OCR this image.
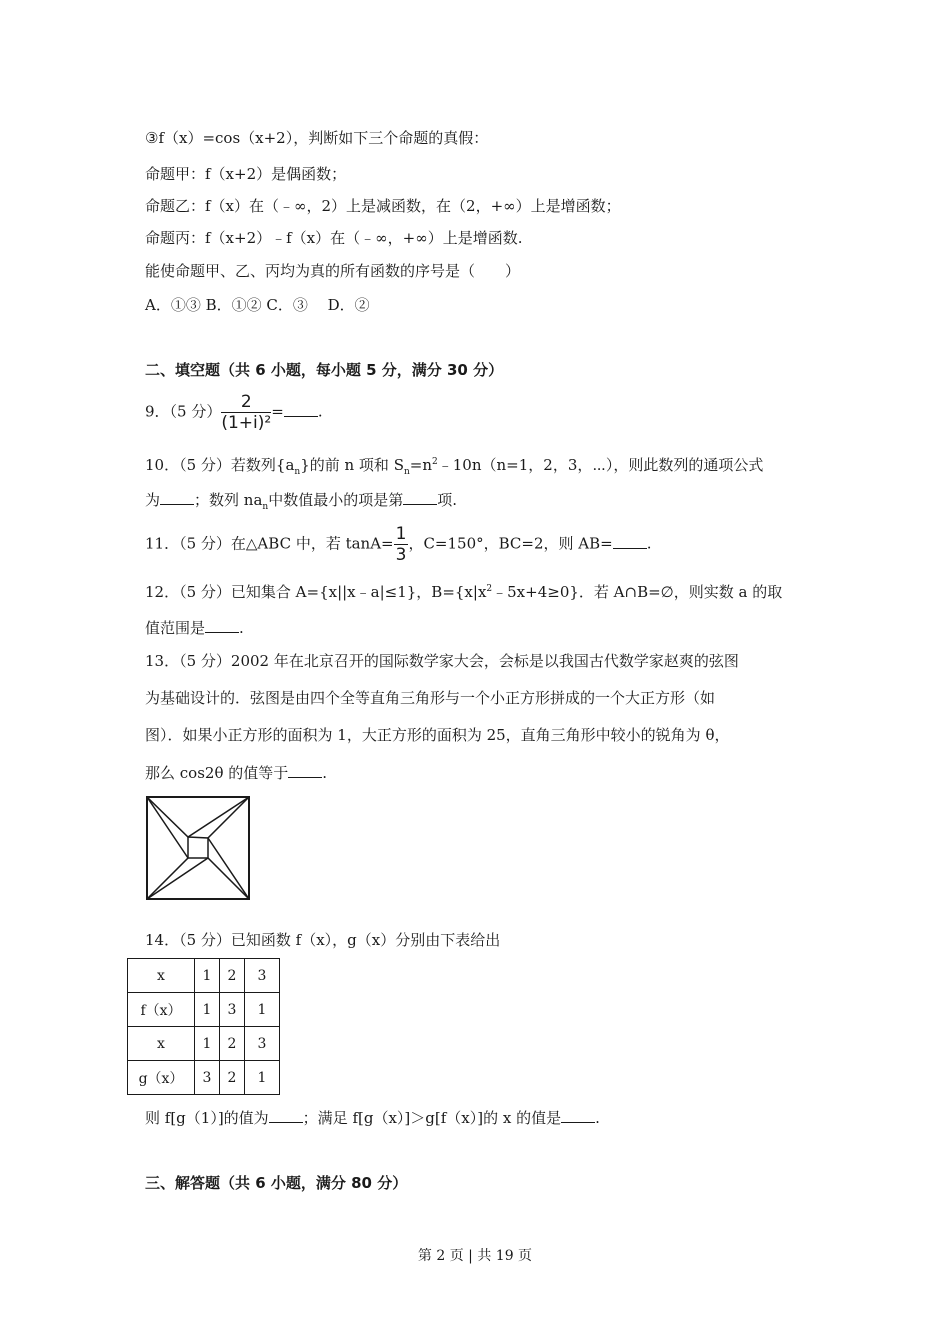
③f（x）=cos（x+2），判断如下三个命题的真假：
命题甲：f（x+2）是偶函数；
命题乙：f（x）在（﹣∞，2）上是减函数，在（2，+∞）上是增函数；
命题丙：f（x+2）﹣f（x）在（﹣∞，+∞）上是增函数.
能使命题甲、乙、丙均为真的所有函数的序号是（　　）
A．①③ B．①② C．③　 D．②
二、填空题（共 6 小题，每小题 5 分，满分 30 分）
9．（5 分） $\frac{2}{\text{(1+i)²}}$ = .
10．（5 分）若数列$\{a_n\}$的前 n 项和 $S_n=n^2﹣10n(n=1$，2，3，⋯），则此数列的通项公式
为 ；数列 $na_n$中数值最小的项是第 项.
11．（5 分）在△ABC 中，若 $\tan A= \frac{1}{3}$ ，C=150°，BC=2，则 AB= .
12．（5 分）已知集合 A={x||x﹣a|≤1}，$B=\{x|x^2﹣5x+4\ge 0\}$．若 A∩B=∅，则实数 a 的取
值范围是 .
13．（5 分）2002 年在北京召开的国际数学家大会，会标是以我国古代数学家赵爽的弦图
为基础设计的．弦图是由四个全等直角三角形与一个小正方形拼成的一个大正方形（如
图）．如果小正方形的面积为 1，大正方形的面积为 25，直角三角形中较小的锐角为 θ，
那么 cos2θ 的值等于 .
14．（5 分）已知函数 f（x），g（x）分别由下表给出
x	1	2	3
f（x）	1	3	1
x	1	2	3
g（x）	3	2	1
则 f[g（1）]的值为 ；满足 f[g（x）]＞g[f（x）]的 x 的值是 .
三、解答题（共 6 小题，满分 80 分）
第 2 页 | 共 19 页
